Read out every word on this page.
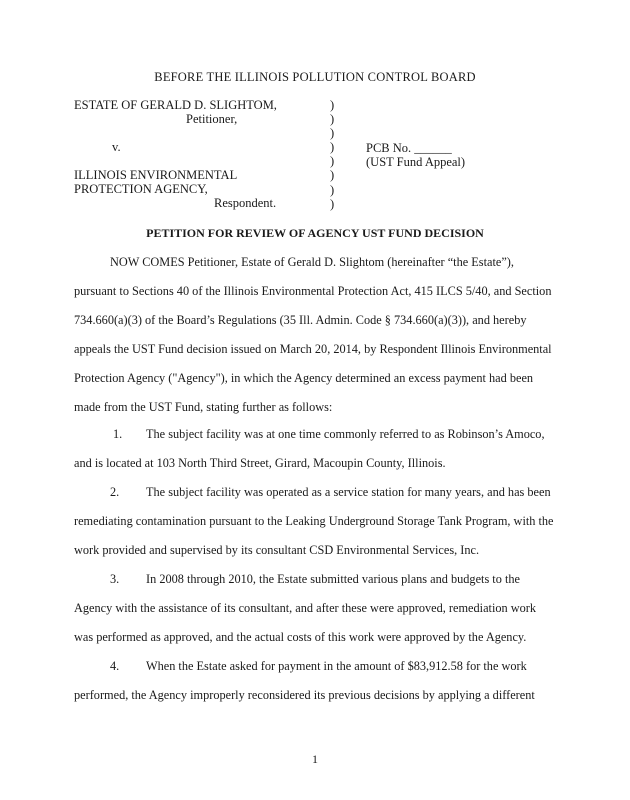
BEFORE THE ILLINOIS POLLUTION CONTROL BOARD
ESTATE OF GERALD D. SLIGHTOM,
Petitioner,
v.
ILLINOIS ENVIRONMENTAL
PROTECTION AGENCY,
Respondent.
)
)
)
)
)
)
)
)
PCB No. ______
(UST Fund Appeal)
PETITION FOR REVIEW OF AGENCY UST FUND DECISION
NOW COMES Petitioner, Estate of Gerald D. Slightom (hereinafter “the Estate”),
pursuant to Sections 40 of the Illinois Environmental Protection Act, 415 ILCS 5/40, and Section
734.660(a)(3) of the Board’s Regulations (35 Ill. Admin. Code § 734.660(a)(3)), and hereby
appeals the UST Fund decision issued on March 20, 2014, by Respondent Illinois Environmental
Protection Agency ("Agency"), in which the Agency determined an excess payment had been
made from the UST Fund, stating further as follows:
1. The subject facility was at one time commonly referred to as Robinson’s Amoco,
and is located at 103 North Third Street, Girard, Macoupin County, Illinois.
2. The subject facility was operated as a service station for many years, and has been
remediating contamination pursuant to the Leaking Underground Storage Tank Program, with the
work provided and supervised by its consultant CSD Environmental Services, Inc.
3. In 2008 through 2010, the Estate submitted various plans and budgets to the
Agency with the assistance of its consultant, and after these were approved, remediation work
was performed as approved, and the actual costs of this work were approved by the Agency.
4. When the Estate asked for payment in the amount of $83,912.58 for the work
performed, the Agency improperly reconsidered its previous decisions by applying a different
1
